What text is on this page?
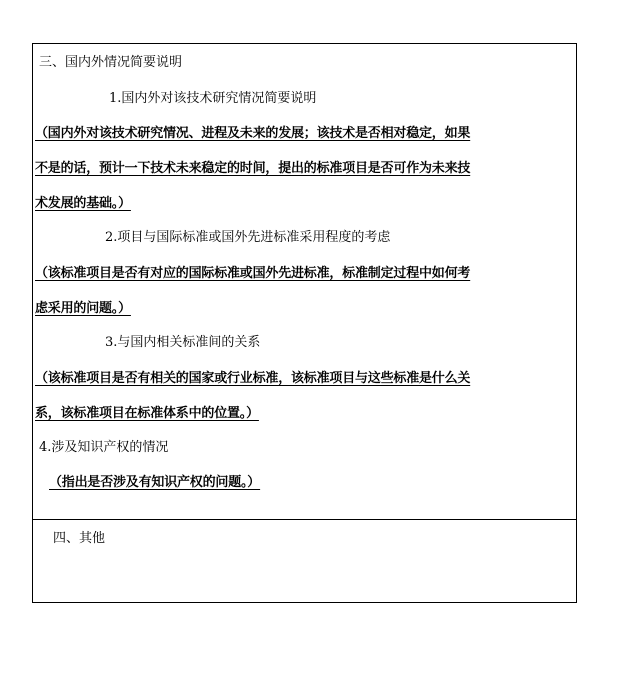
三、国内外情况简要说明
1.国内外对该技术研究情况简要说明
（国内外对该技术研究情况、进程及未来的发展；该技术是否相对稳定，如果
不是的话，预计一下技术未来稳定的时间，提出的标准项目是否可作为未来技
术发展的基础。）
2.项目与国际标准或国外先进标准采用程度的考虑
（该标准项目是否有对应的国际标准或国外先进标准，标准制定过程中如何考
虑采用的问题。）
3.与国内相关标准间的关系
（该标准项目是否有相关的国家或行业标准，该标准项目与这些标准是什么关
系，该标准项目在标准体系中的位置。）
4.涉及知识产权的情况
（指出是否涉及有知识产权的问题。）
四、其他
